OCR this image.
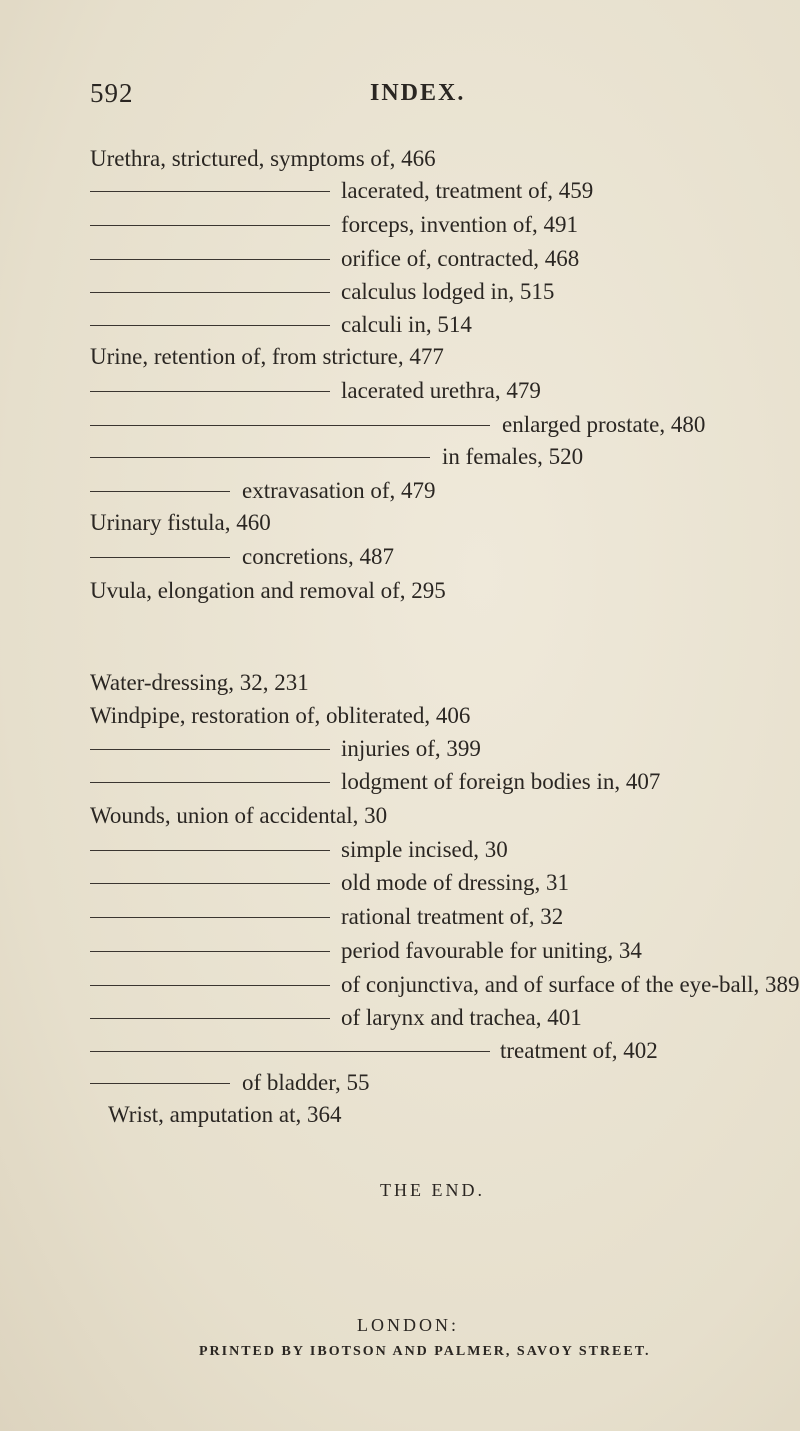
592	INDEX.
Urethra, strictured, symptoms of, 466
lacerated, treatment of, 459
forceps, invention of, 491
orifice of, contracted, 468
calculus lodged in, 515
calculi in, 514
Urine, retention of, from stricture, 477
lacerated urethra, 479
enlarged prostate, 480
in females, 520
extravasation of, 479
Urinary fistula, 460
concretions, 487
Uvula, elongation and removal of, 295
Water-dressing, 32, 231
Windpipe, restoration of, obliterated, 406
injuries of, 399
lodgment of foreign bodies in, 407
Wounds, union of accidental, 30
simple incised, 30
old mode of dressing, 31
rational treatment of, 32
period favourable for uniting, 34
of conjunctiva, and of surface of the eye-ball, 389
of larynx and trachea, 401
treatment of, 402
of bladder, 55
Wrist, amputation at, 364
THE END.
LONDON:
PRINTED BY IBOTSON AND PALMER, SAVOY STREET.
